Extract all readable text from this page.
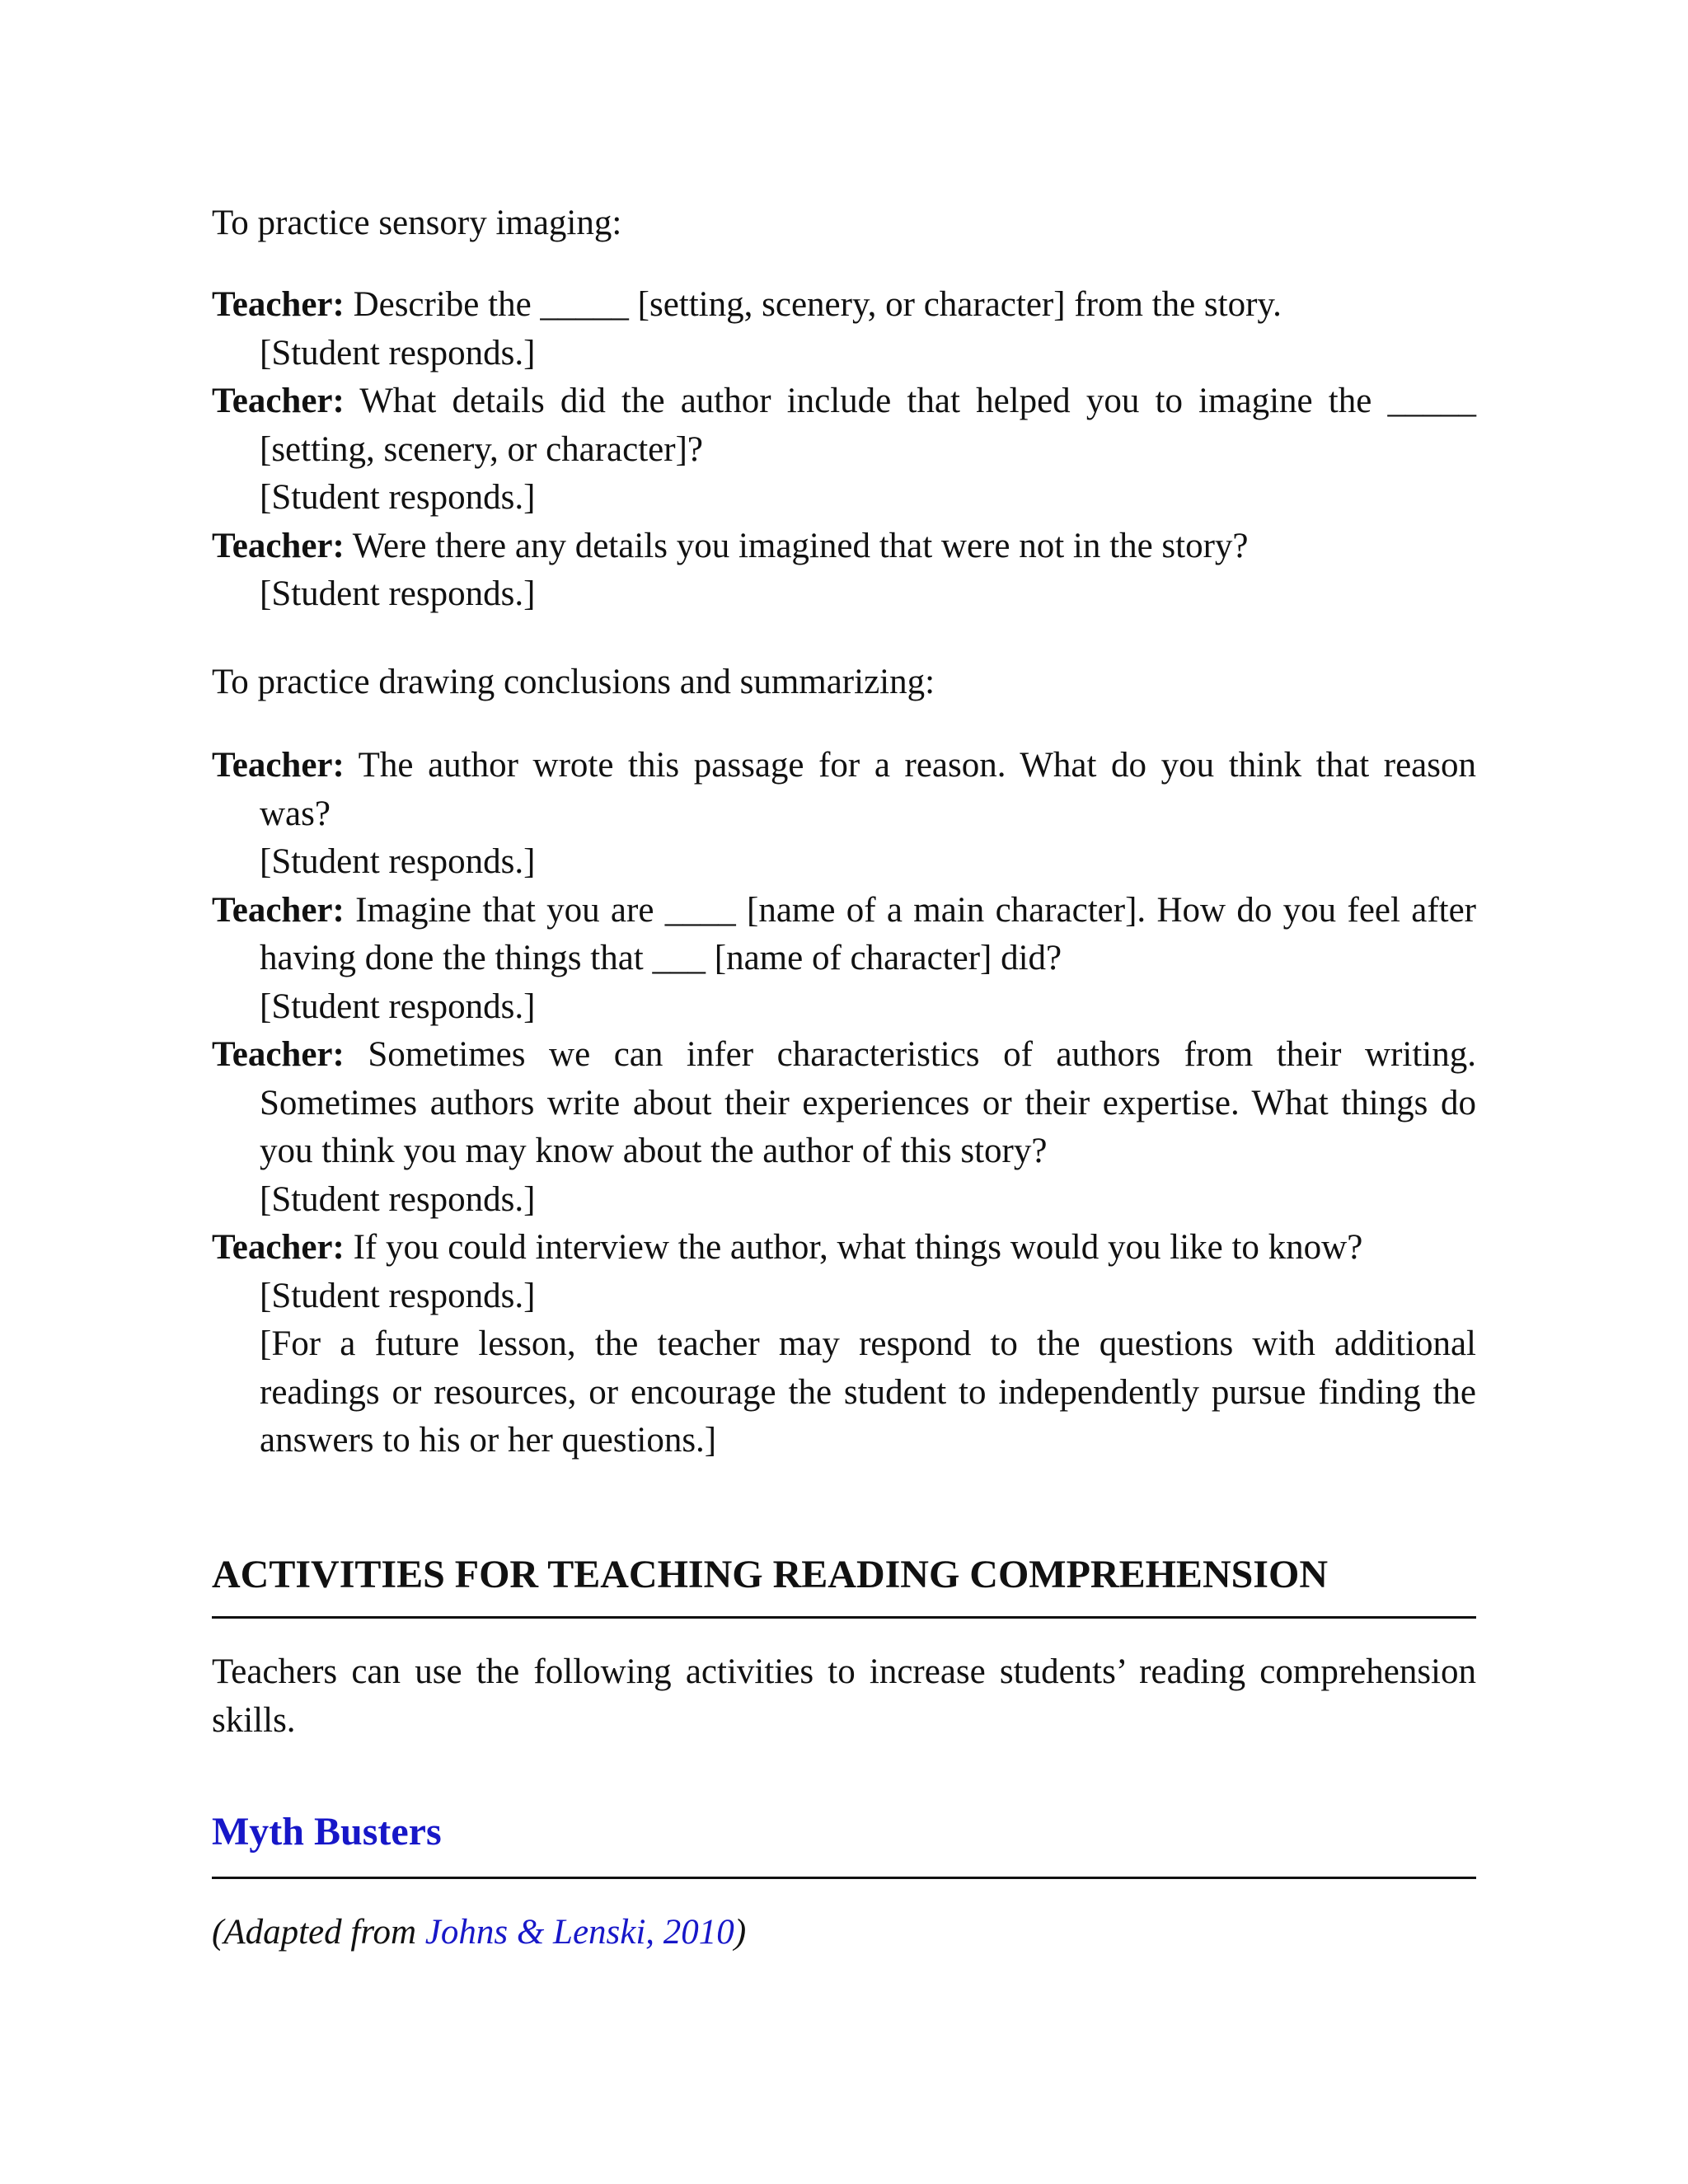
To practice sensory imaging:

Teacher: Describe the _____ [setting, scenery, or character] from the story.

[Student responds.]

Teacher: What details did the author include that helped you to imagine the _____ [setting, scenery, or character]?

[Student responds.]

Teacher: Were there any details you imagined that were not in the story?

[Student responds.]

To practice drawing conclusions and summarizing:

Teacher: The author wrote this passage for a reason. What do you think that reason was?

[Student responds.]

Teacher: Imagine that you are ____ [name of a main character]. How do you feel after having done the things that ___ [name of character] did?

[Student responds.]

Teacher: Sometimes we can infer characteristics of authors from their writing. Sometimes authors write about their experiences or their expertise. What things do you think you may know about the author of this story?

[Student responds.]

Teacher: If you could interview the author, what things would you like to know?

[Student responds.]

[For a future lesson, the teacher may respond to the questions with additional readings or resources, or encourage the student to independently pursue finding the answers to his or her questions.]

ACTIVITIES FOR TEACHING READING COMPREHENSION

Teachers can use the following activities to increase students’ reading comprehension skills.

Myth Busters

(Adapted from Johns & Lenski, 2010)
